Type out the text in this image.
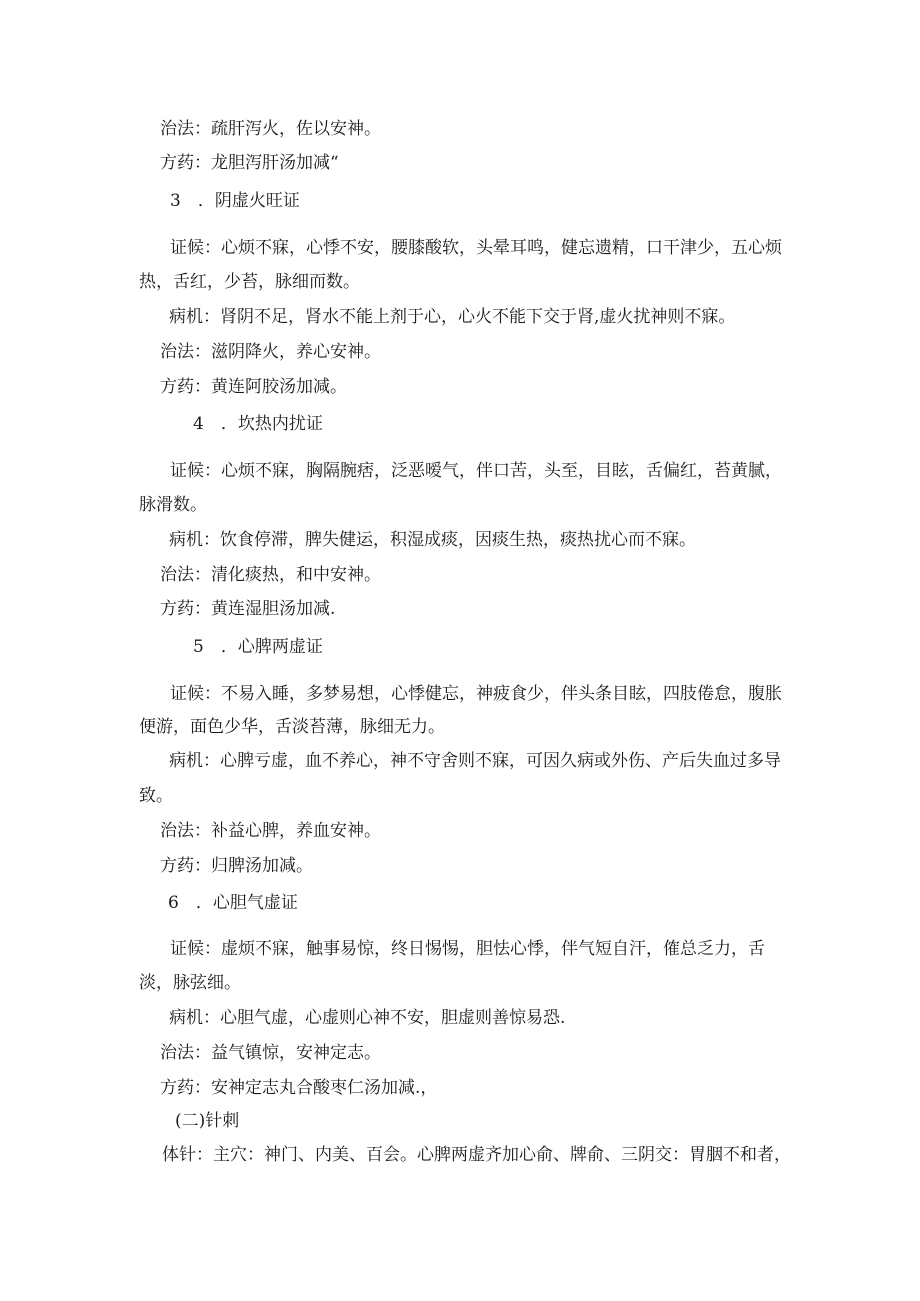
治法：疏肝泻火，佐以安神。

方药：龙胆泻肝汤加减“

3　．阴虚火旺证

证候：心烦不寐，心悸不安，腰膝酸软，头晕耳鸣，健忘遗精，口干津少，五心烦

热，舌红，少苔，脉细而数。

病机：肾阴不足，肾水不能上剂于心，心火不能下交于肾,虚火扰神则不寐。

治法：滋阴降火，养心安神。

方药：黄连阿胶汤加减。

4　．坎热内扰证

证候：心烦不寐，胸隔腕痞，泛恶嗳气，伴口苦，头至，目眩，舌偏红，苔黄腻，

脉滑数。

病机：饮食停滞，脾失健运，积湿成痰，因痰生热，痰热扰心而不寐。

治法：清化痰热，和中安神。

方药：黄连湿胆汤加减.

5　．心脾两虚证

证候：不易入睡，多梦易想，心悸健忘，神疲食少，伴头条目眩，四肢倦怠，腹胀

便游，面色少华，舌淡苔薄，脉细无力。

病机：心脾亏虚，血不养心，神不守舍则不寐，可因久病或外伤、产后失血过多导

致。

治法：补益心脾，养血安神。

方药：归脾汤加减。

6　．心胆气虚证

证候：虚烦不寐，触事易惊，终日惕惕，胆怯心悸，伴气短自汗，傕总乏力，舌

淡，脉弦细。

病机：心胆气虚，心虚则心神不安，胆虚则善惊易恐.

治法：益气镇惊，安神定志。

方药：安神定志丸合酸枣仁汤加减.，

(二)针刺

体针：主穴：神门、内美、百会。心脾两虚齐加心俞、牌俞、三阴交：胃胭不和者，
